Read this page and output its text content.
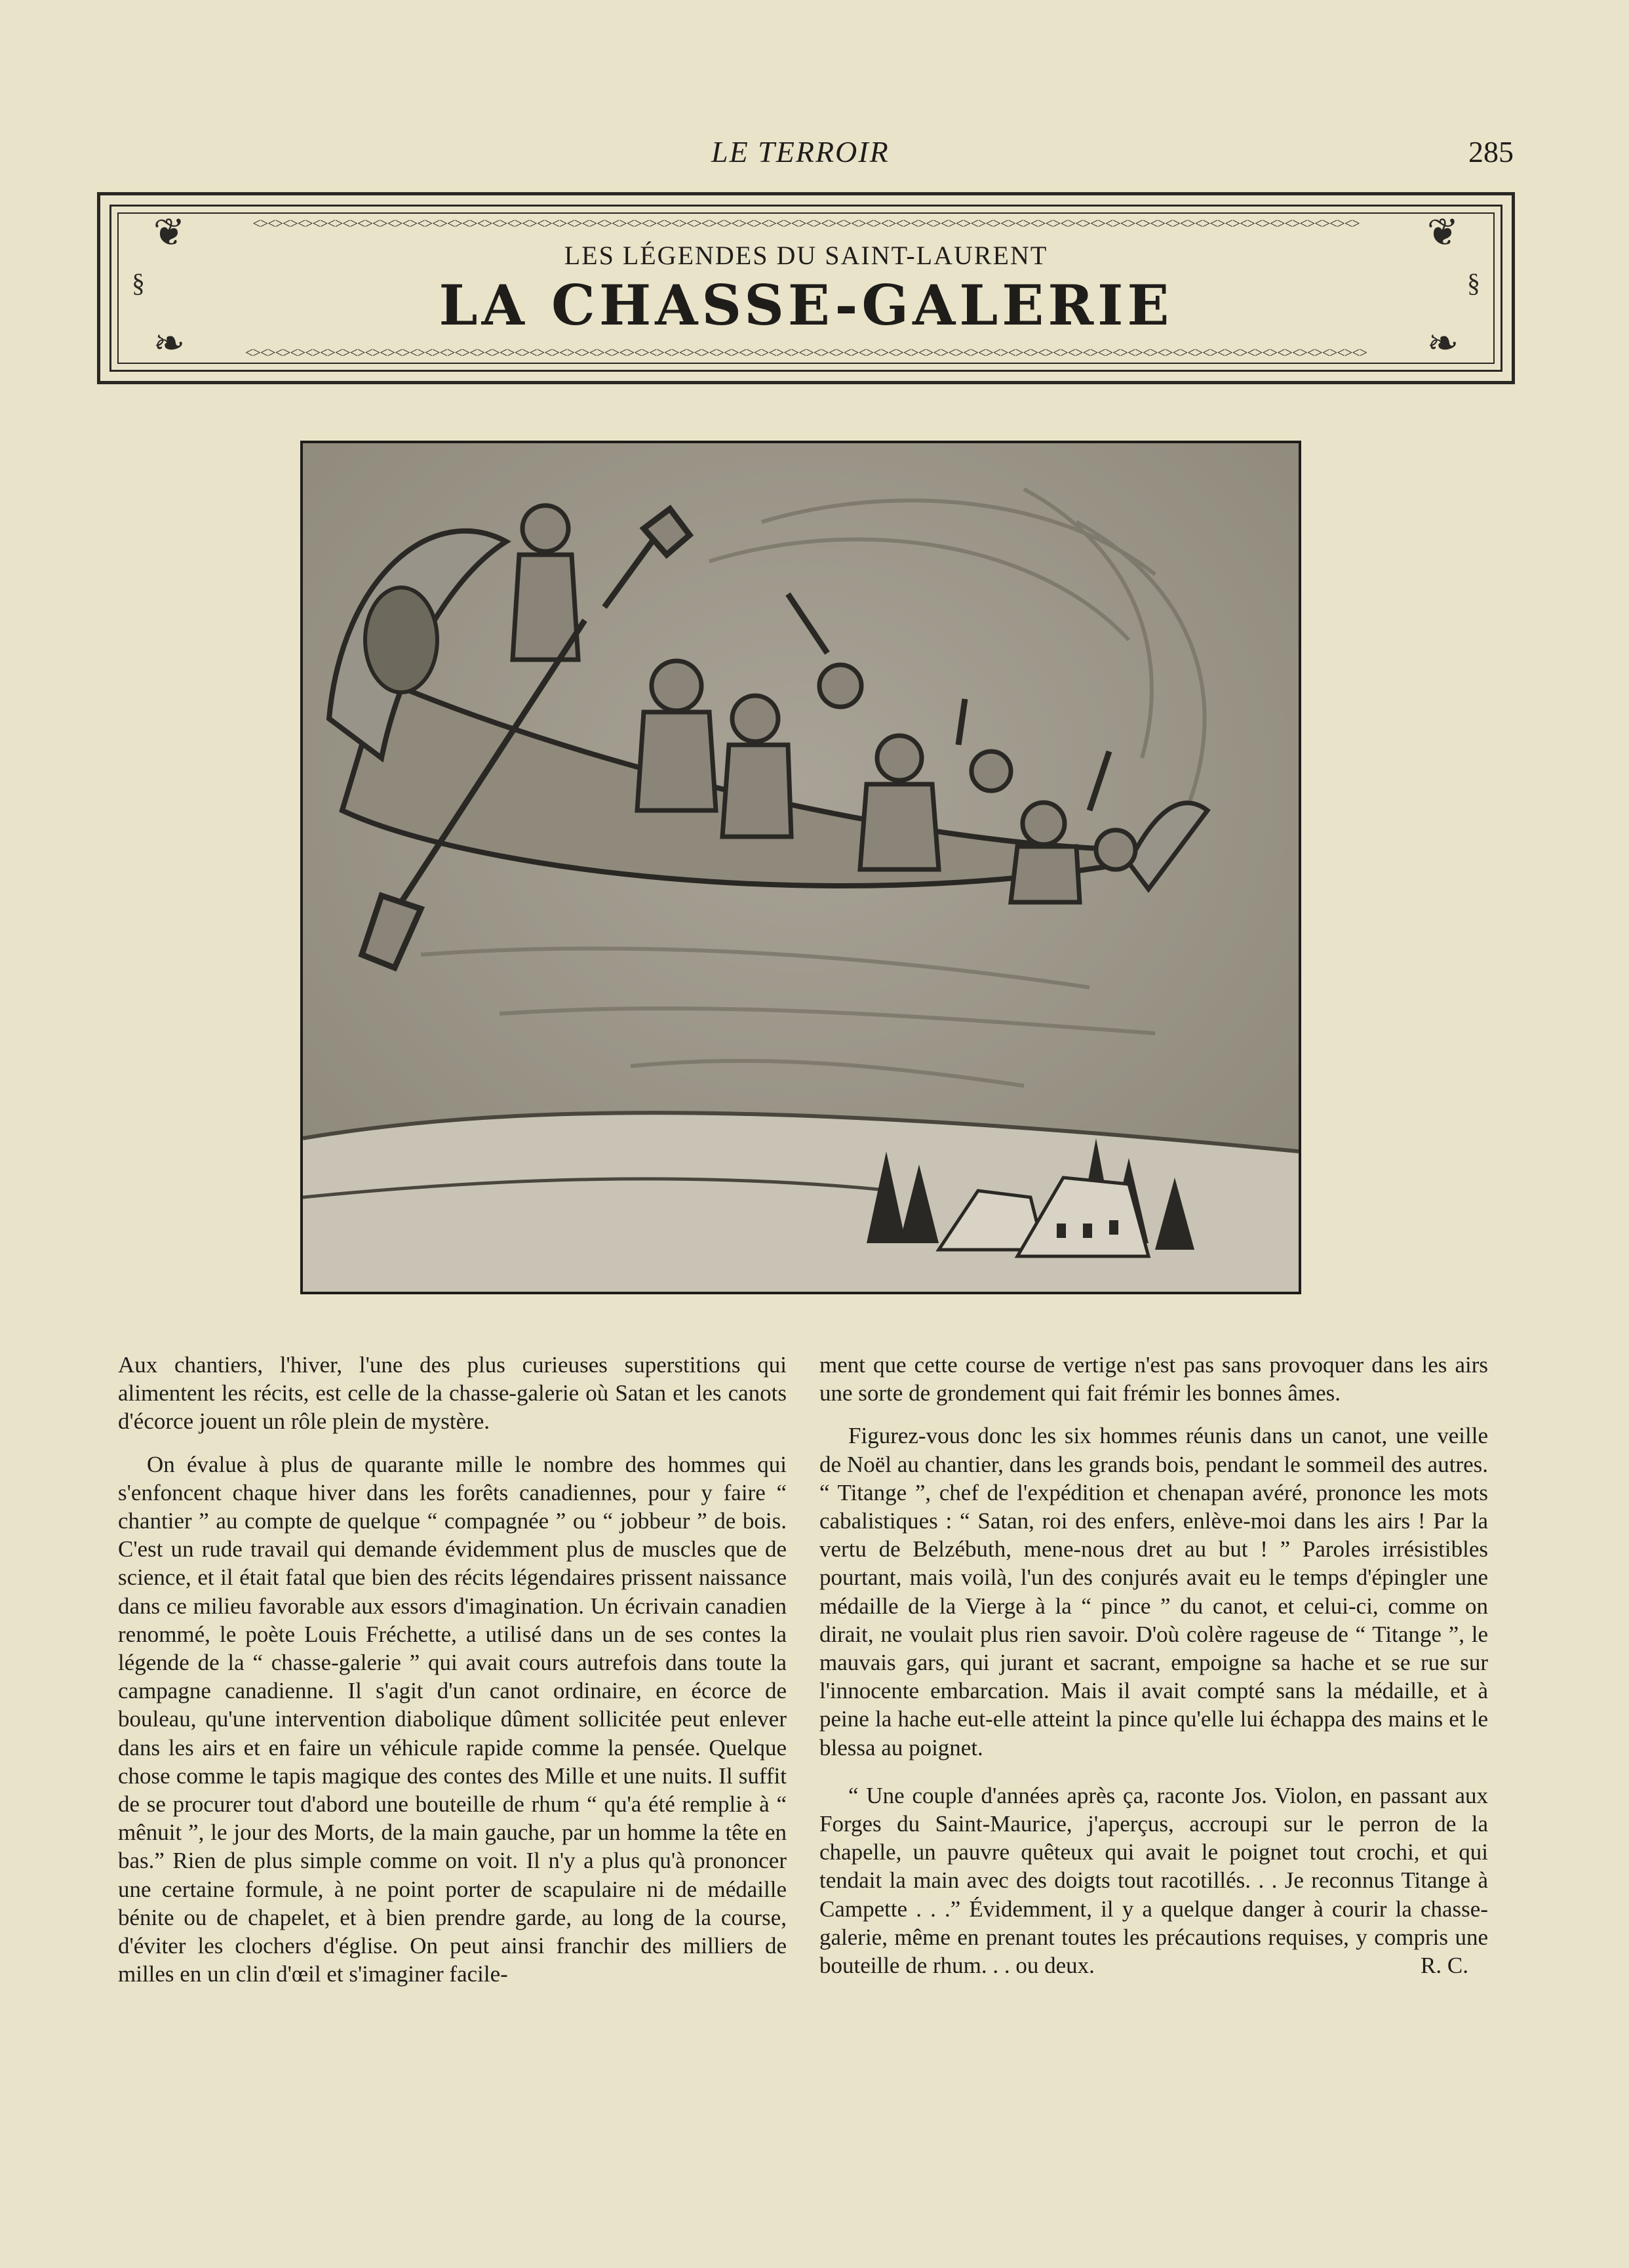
LE TERROIR	285
<><><><><><><><><><><><><><><><><><><><><><><><><><><><><><><><><><><><><><><><><><><><><><><><><><><><><><><><><><><><><><><><><><><><><><><><><><>
<><><><><><><><><><><><><><><><><><><><><><><><><><><><><><><><><><><><><><><><><><><><><><><><><><><><><><><><><><><><><><><><><><><><><><><><><><><>
❦	❦
❧	❧
§	§
LES LÉGENDES DU SAINT-LAURENT
LA CHASSE-GALERIE

Aux chantiers, l'hiver, l'une des plus curieuses superstitions qui alimentent les récits, est celle de la chasse-galerie où Satan et les canots d'écorce jouent un rôle plein de mystère.

On évalue à plus de quarante mille le nombre des hommes qui s'enfoncent chaque hiver dans les forêts canadiennes, pour y faire “ chantier ” au compte de quelque “ compagnée ” ou “ jobbeur ” de bois. C'est un rude travail qui demande évidemment plus de muscles que de science, et il était fatal que bien des récits légendaires prissent naissance dans ce milieu favorable aux essors d'imagination. Un écrivain canadien renommé, le poète Louis Fréchette, a utilisé dans un de ses contes la légende de la “ chasse-galerie ” qui avait cours autrefois dans toute la campagne canadienne. Il s'agit d'un canot ordinaire, en écorce de bouleau, qu'une intervention diabolique dûment sollicitée peut enlever dans les airs et en faire un véhicule rapide comme la pensée. Quelque chose comme le tapis magique des contes des Mille et une nuits. Il suffit de se procurer tout d'abord une bouteille de rhum “ qu'a été remplie à “ mênuit ”, le jour des Morts, de la main gauche, par un homme la tête en bas.” Rien de plus simple comme on voit. Il n'y a plus qu'à prononcer une certaine formule, à ne point porter de scapulaire ni de médaille bénite ou de chapelet, et à bien prendre garde, au long de la course, d'éviter les clochers d'église. On peut ainsi franchir des milliers de milles en un clin d'œil et s'imaginer facile-

ment que cette course de vertige n'est pas sans provoquer dans les airs une sorte de grondement qui fait frémir les bonnes âmes.

Figurez-vous donc les six hommes réunis dans un canot, une veille de Noël au chantier, dans les grands bois, pendant le sommeil des autres. “ Titange ”, chef de l'expédition et chenapan avéré, prononce les mots cabalistiques : “ Satan, roi des enfers, enlève-moi dans les airs ! Par la vertu de Belzébuth, mene-nous dret au but ! ” Paroles irrésistibles pourtant, mais voilà, l'un des conjurés avait eu le temps d'épingler une médaille de la Vierge à la “ pince ” du canot, et celui-ci, comme on dirait, ne voulait plus rien savoir. D'où colère rageuse de “ Titange ”, le mauvais gars, qui jurant et sacrant, empoigne sa hache et se rue sur l'innocente embarcation. Mais il avait compté sans la médaille, et à peine la hache eut-elle atteint la pince qu'elle lui échappa des mains et le blessa au poignet.

“ Une couple d'années après ça, raconte Jos. Violon, en passant aux Forges du Saint-Maurice, j'aperçus, accroupi sur le perron de la chapelle, un pauvre quêteux qui avait le poignet tout crochi, et qui tendait la main avec des doigts tout racotillés. . . Je reconnus Titange à Campette . . .” Évidemment, il y a quelque danger à courir la chasse-galerie, même en prenant toutes les précautions requises, y compris une bouteille de rhum. . . ou deux.	R. C.
